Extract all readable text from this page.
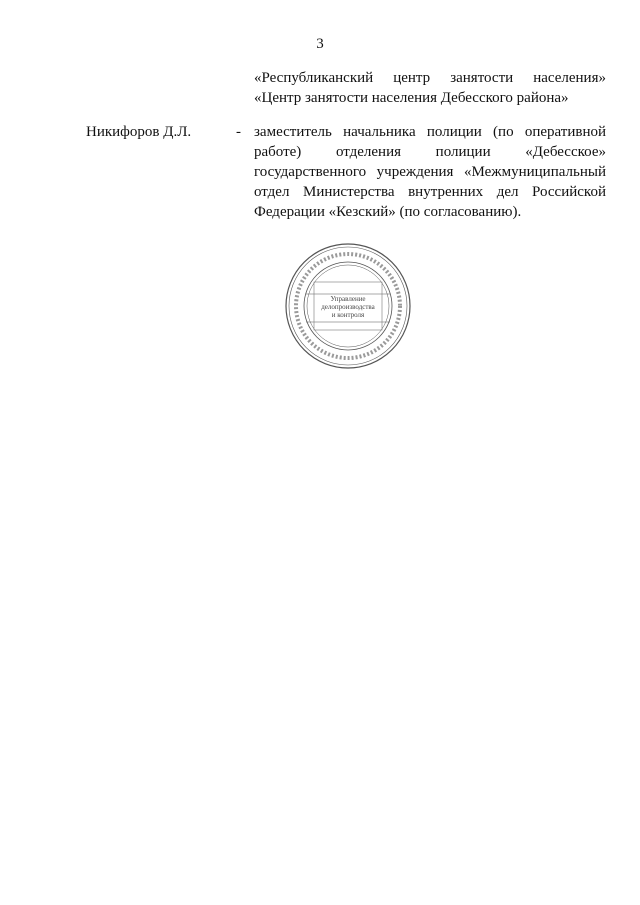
3
«Республиканский центр занятости населения»
«Центр занятости населения Дебесского района»
Никифоров Д.Л.	- заместитель начальника полиции (по оперативной работе) отделения полиции «Дебесское» государственного учреждения «Межмуниципальный отдел Министерства внутренних дел Российской Федерации «Кезский» (по согласованию).
Управление
делопроизводства
и контроля
